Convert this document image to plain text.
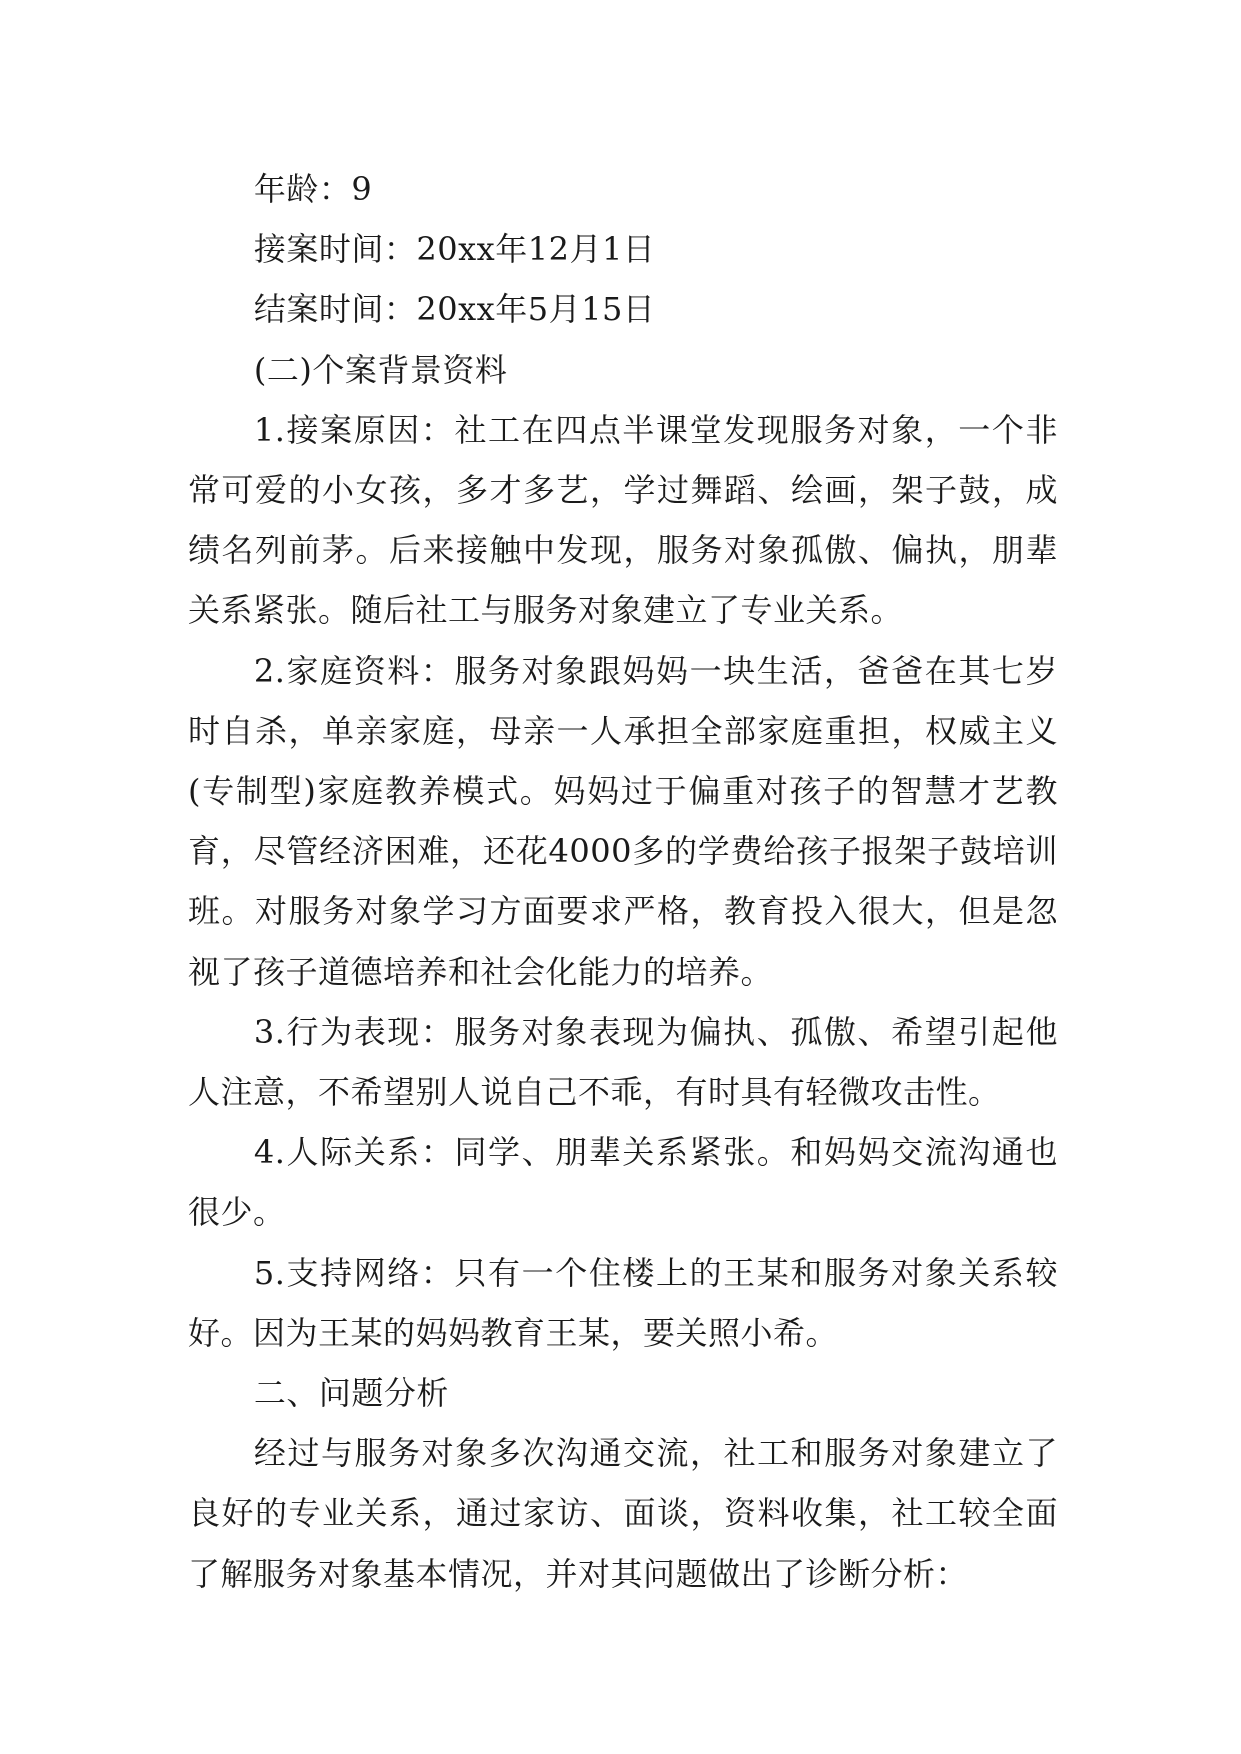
年龄：9

接案时间：20xx年12月1日

结案时间：20xx年5月15日

(二)个案背景资料

1.接案原因：社工在四点半课堂发现服务对象，一个非常可爱的小女孩，多才多艺，学过舞蹈、绘画，架子鼓，成绩名列前茅。后来接触中发现，服务对象孤傲、偏执，朋辈关系紧张。随后社工与服务对象建立了专业关系。

2.家庭资料：服务对象跟妈妈一块生活，爸爸在其七岁时自杀，单亲家庭，母亲一人承担全部家庭重担，权威主义(专制型)家庭教养模式。妈妈过于偏重对孩子的智慧才艺教育，尽管经济困难，还花4000多的学费给孩子报架子鼓培训班。对服务对象学习方面要求严格，教育投入很大，但是忽视了孩子道德培养和社会化能力的培养。

3.行为表现：服务对象表现为偏执、孤傲、希望引起他人注意，不希望别人说自己不乖，有时具有轻微攻击性。

4.人际关系：同学、朋辈关系紧张。和妈妈交流沟通也很少。

5.支持网络：只有一个住楼上的王某和服务对象关系较好。因为王某的妈妈教育王某，要关照小希。

二、问题分析

经过与服务对象多次沟通交流，社工和服务对象建立了良好的专业关系，通过家访、面谈，资料收集，社工较全面了解服务对象基本情况，并对其问题做出了诊断分析：
